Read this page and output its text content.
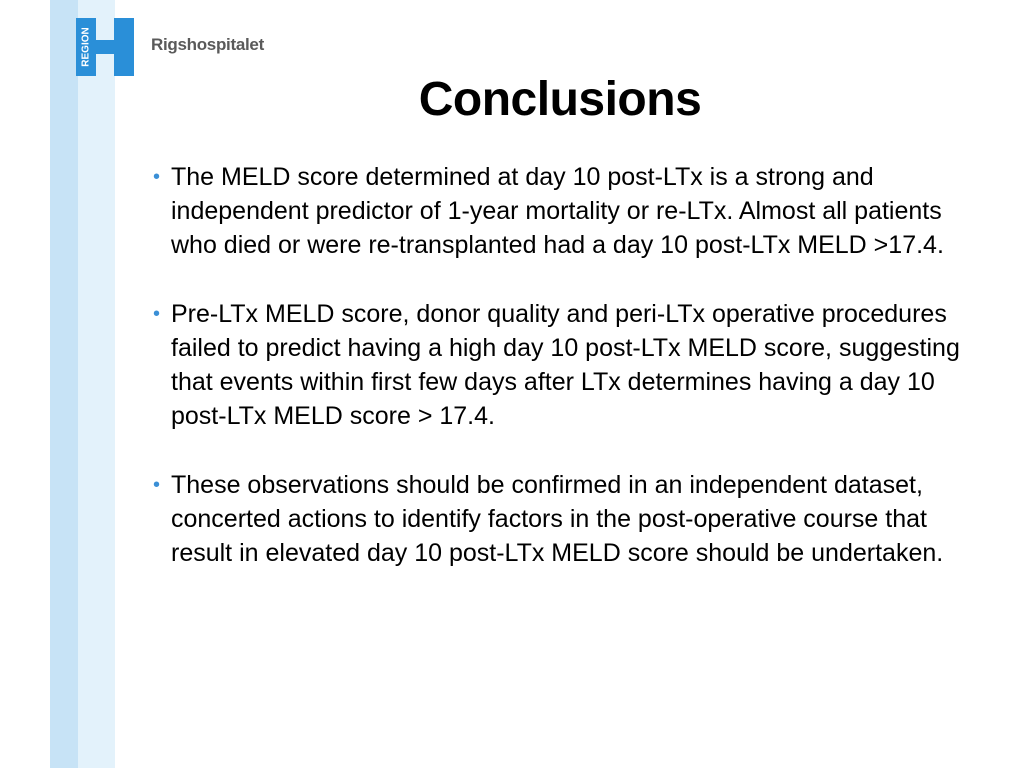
REGION	Rigshospitalet
Conclusions
• The MELD score determined at day 10 post-LTx is a strong and independent predictor of 1-year mortality or re-LTx. Almost all patients who died or were re-transplanted had a day 10 post-LTx MELD >17.4.
• Pre-LTx MELD score, donor quality and peri-LTx operative procedures failed to predict having a high day 10 post-LTx MELD score, suggesting that events within first few days after LTx determines having a day 10 post-LTx MELD score > 17.4.
• These observations should be confirmed in an independent dataset, concerted actions to identify factors in the post-operative course that result in elevated day 10 post-LTx MELD score should be undertaken.
